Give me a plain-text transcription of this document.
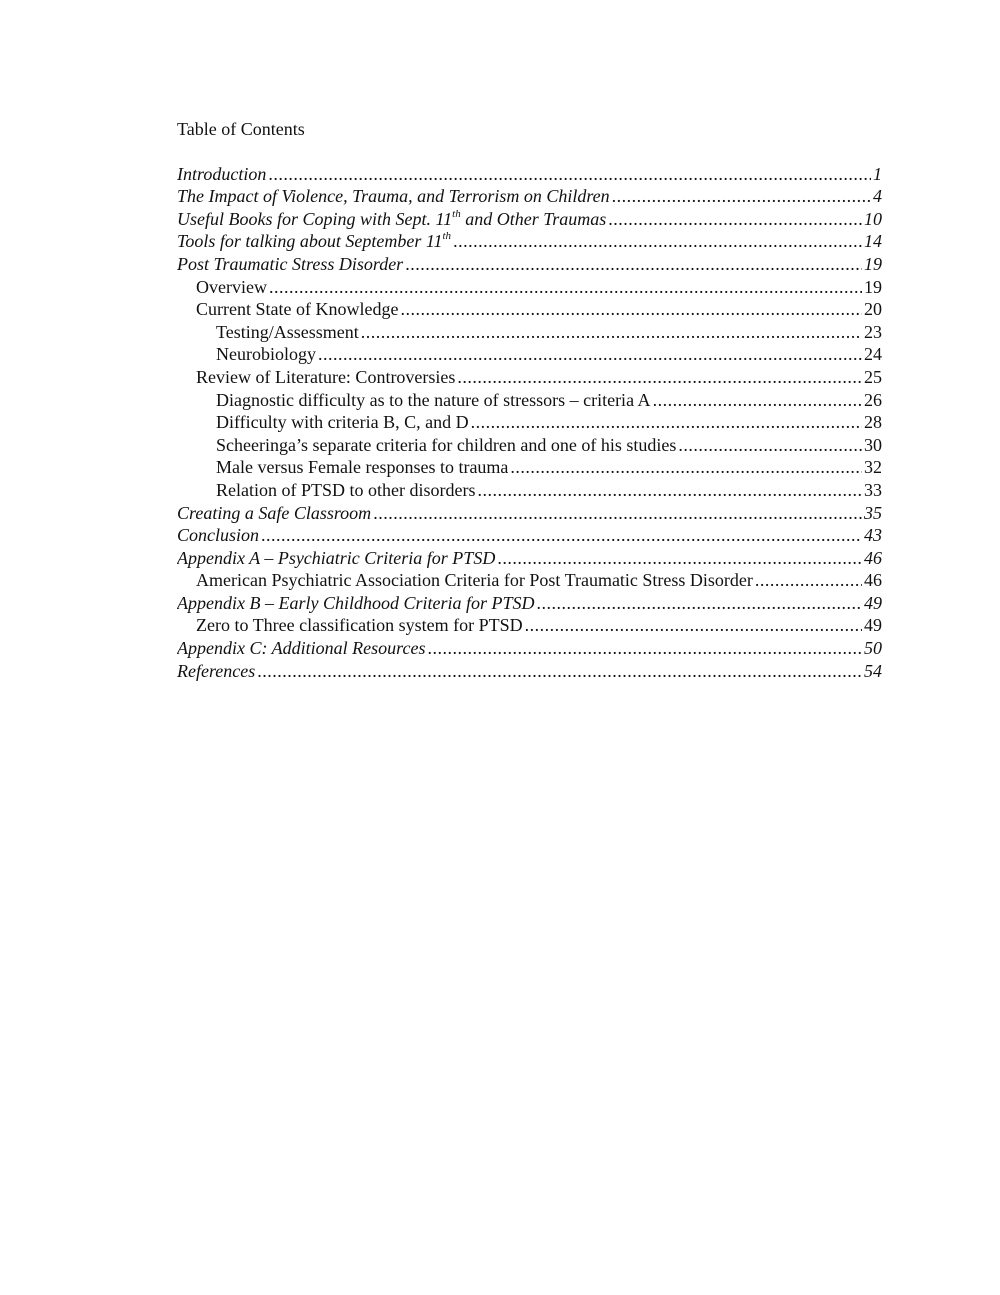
Table of Contents
Introduction .....	1
The Impact of Violence, Trauma, and Terrorism on Children .....	4
Useful Books for Coping with Sept. 11th and Other Traumas .....	10
Tools for talking about September 11th .....	14
Post Traumatic Stress Disorder .....	19
Overview .....	19
Current State of Knowledge .....	20
Testing/Assessment .....	23
Neurobiology .....	24
Review of Literature: Controversies .....	25
Diagnostic difficulty as to the nature of stressors – criteria A .....	26
Difficulty with criteria B, C, and D .....	28
Scheeringa’s separate criteria for children and one of his studies .....	30
Male versus Female responses to trauma .....	32
Relation of PTSD to other disorders .....	33
Creating a Safe Classroom .....	35
Conclusion .....	43
Appendix A – Psychiatric Criteria for PTSD .....	46
American Psychiatric Association Criteria for Post Traumatic Stress Disorder .....	46
Appendix B – Early Childhood Criteria for PTSD .....	49
Zero to Three classification system for PTSD .....	49
Appendix C: Additional Resources .....	50
References .....	54
